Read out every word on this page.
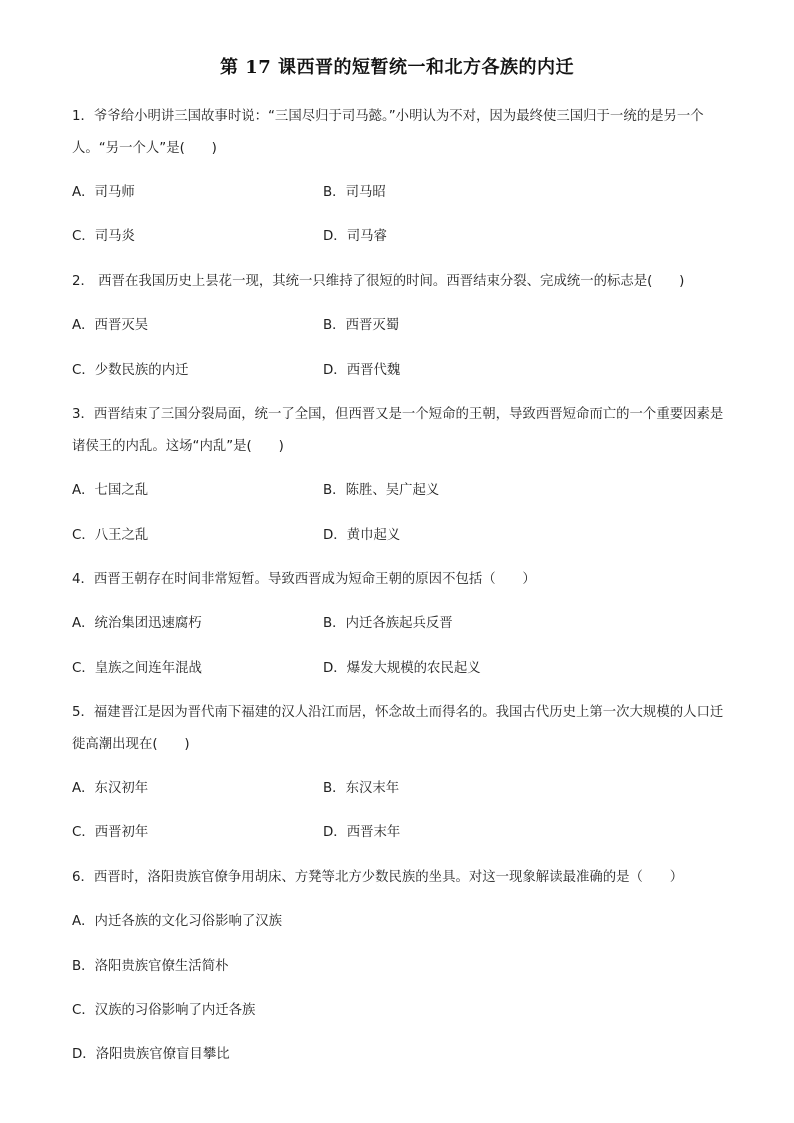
第 17 课西晋的短暂统一和北方各族的内迁
1．爷爷给小明讲三国故事时说：“三国尽归于司马懿。”小明认为不对，因为最终使三国归于一统的是另一个
人。“另一个人”是(　　)
A．司马师	B．司马昭
C．司马炎	D．司马睿
2． 西晋在我国历史上昙花一现，其统一只维持了很短的时间。西晋结束分裂、完成统一的标志是(　　)
A．西晋灭吴	B．西晋灭蜀
C．少数民族的内迁	D．西晋代魏
3．西晋结束了三国分裂局面，统一了全国，但西晋又是一个短命的王朝，导致西晋短命而亡的一个重要因素是
诸侯王的内乱。这场“内乱”是(　　)
A．七国之乱	B．陈胜、吴广起义
C．八王之乱	D．黄巾起义
4．西晋王朝存在时间非常短暂。导致西晋成为短命王朝的原因不包括（　　）
A．统治集团迅速腐朽	B．内迁各族起兵反晋
C．皇族之间连年混战	D．爆发大规模的农民起义
5．福建晋江是因为晋代南下福建的汉人沿江而居，怀念故土而得名的。我国古代历史上第一次大规模的人口迁
徙高潮出现在(　　)
A．东汉初年	B．东汉末年
C．西晋初年	D．西晋末年
6．西晋时，洛阳贵族官僚争用胡床、方凳等北方少数民族的坐具。对这一现象解读最准确的是（　　）
A．内迁各族的文化习俗影响了汉族
B．洛阳贵族官僚生活简朴
C．汉族的习俗影响了内迁各族
D．洛阳贵族官僚盲目攀比
